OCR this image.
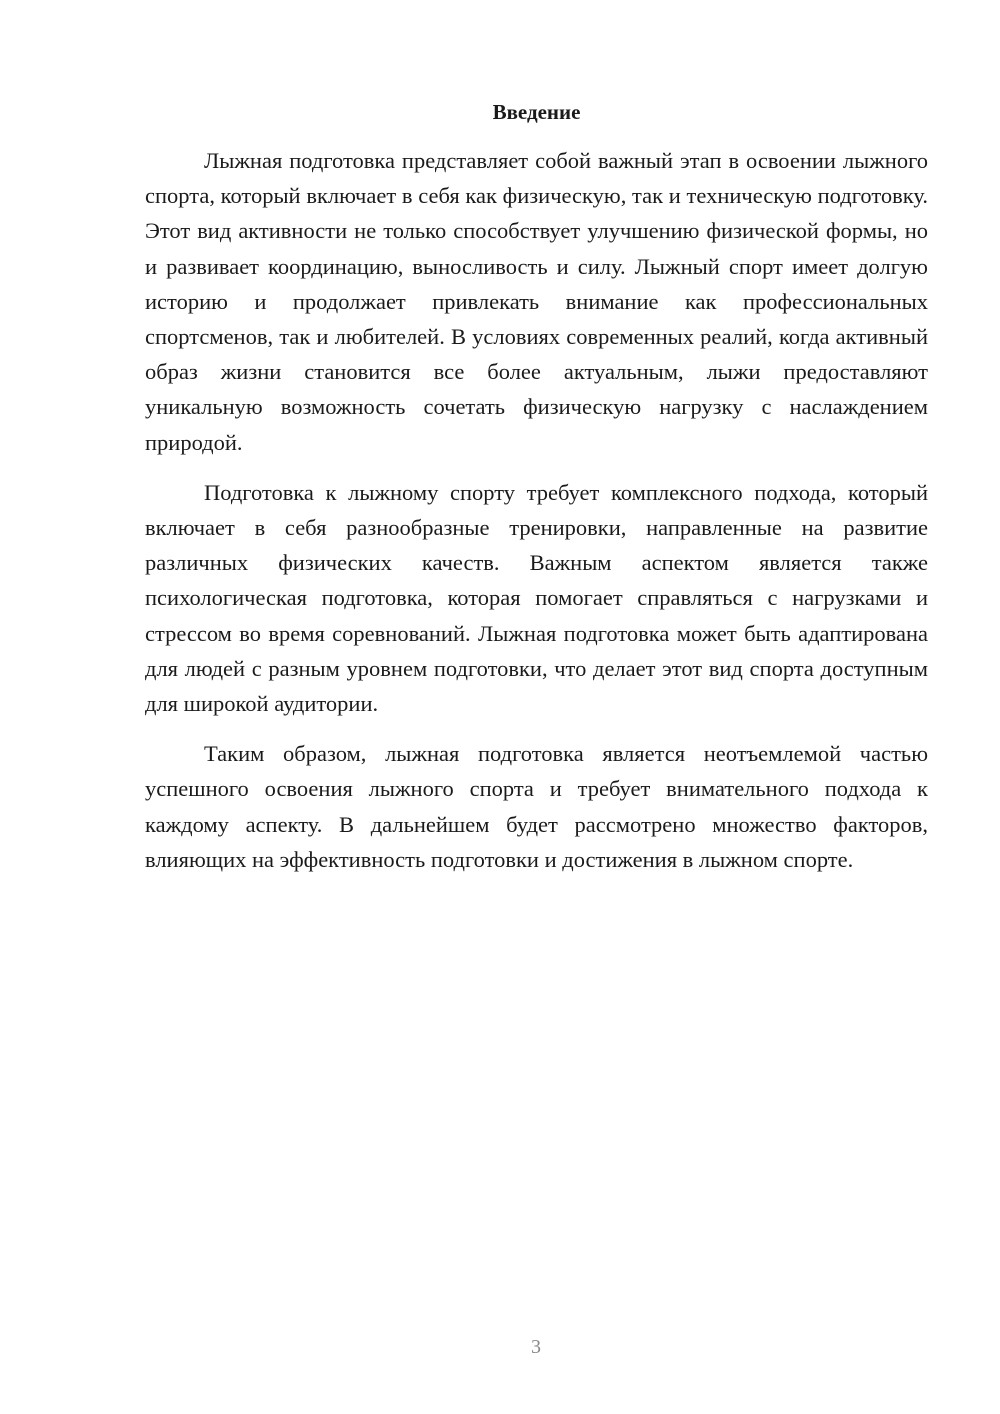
Введение

Лыжная подготовка представляет собой важный этап в освоении лыжного спорта, который включает в себя как физическую, так и техническую подготовку. Этот вид активности не только способствует улучшению физической формы, но и развивает координацию, выносливость и силу. Лыжный спорт имеет долгую историю и продолжает привлекать внимание как профессиональных спортсменов, так и любителей. В условиях современных реалий, когда активный образ жизни становится все более актуальным, лыжи предоставляют уникальную возможность сочетать физическую нагрузку с наслаждением природой.

Подготовка к лыжному спорту требует комплексного подхода, который включает в себя разнообразные тренировки, направленные на развитие различных физических качеств. Важным аспектом является также психологическая подготовка, которая помогает справляться с нагрузками и стрессом во время соревнований. Лыжная подготовка может быть адаптирована для людей с разным уровнем подготовки, что делает этот вид спорта доступным для широкой аудитории.

Таким образом, лыжная подготовка является неотъемлемой частью успешного освоения лыжного спорта и требует внимательного подхода к каждому аспекту. В дальнейшем будет рассмотрено множество факторов, влияющих на эффективность подготовки и достижения в лыжном спорте.

3
